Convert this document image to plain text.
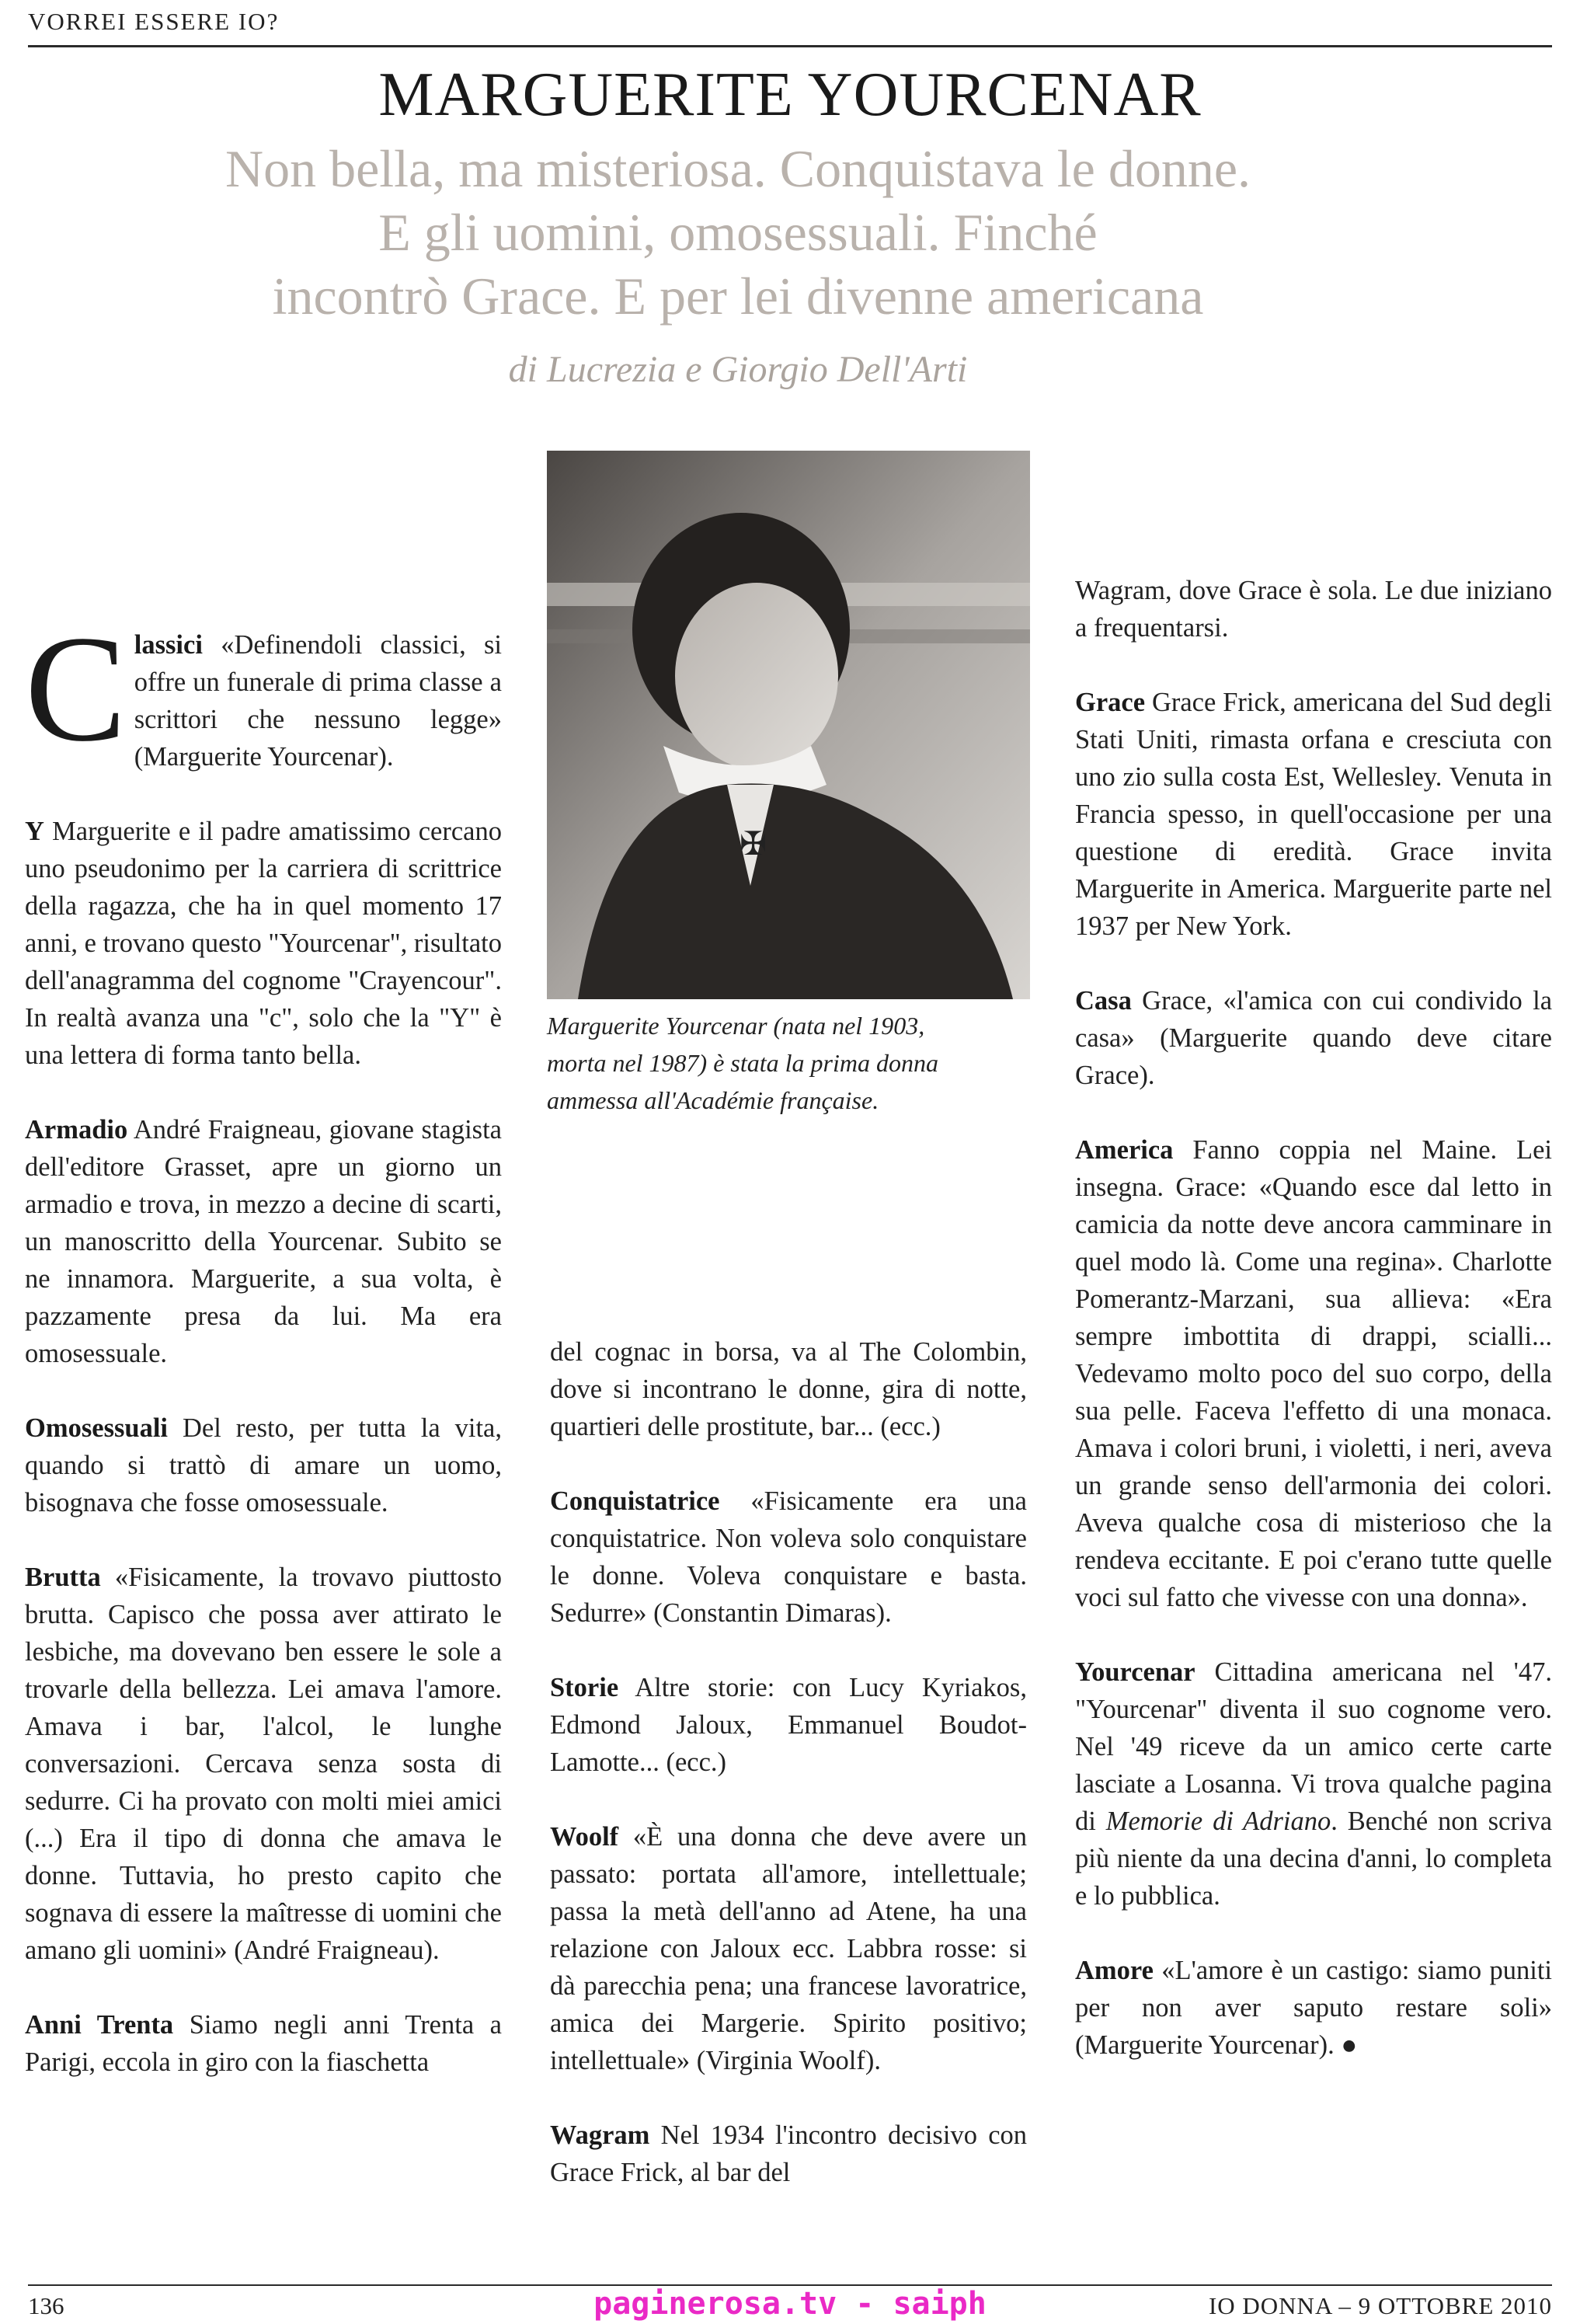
VORREI ESSERE IO?
MARGUERITE YOURCENAR
Non bella, ma misteriosa. Conquistava le donne.
E gli uomini, omosessuali. Finché
incontrò Grace. E per lei divenne americana
di Lucrezia e Giorgio Dell'Arti
✠
Marguerite Yourcenar (nata nel 1903,
morta nel 1987) è stata la prima donna
ammessa all'Académie française.

Classici «Definendoli classici, si offre un funerale di prima classe a scrittori che nessuno legge» (Marguerite Yourcenar).

Y Marguerite e il padre amatissimo cercano uno pseudonimo per la carriera di scrittrice della ragazza, che ha in quel momento 17 anni, e trovano questo "Yourcenar", risultato dell'anagramma del cognome "Crayencour". In realtà avanza una "c", solo che la "Y" è una lettera di forma tanto bella.

Armadio André Fraigneau, giovane stagista dell'editore Grasset, apre un giorno un armadio e trova, in mezzo a decine di scarti, un manoscritto della Yourcenar. Subito se ne innamora. Marguerite, a sua volta, è pazzamente presa da lui. Ma era omosessuale.

Omosessuali Del resto, per tutta la vita, quando si trattò di amare un uomo, bisognava che fosse omosessuale.

Brutta «Fisicamente, la trovavo piuttosto brutta. Capisco che possa aver attirato le lesbiche, ma dovevano ben essere le sole a trovarle della bellezza. Lei amava l'amore. Amava i bar, l'alcol, le lunghe conversazioni. Cercava senza sosta di sedurre. Ci ha provato con molti miei amici (...) Era il tipo di donna che amava le donne. Tuttavia, ho presto capito che sognava di essere la maîtresse di uomini che amano gli uomini» (André Fraigneau).

Anni Trenta Siamo negli anni Trenta a Parigi, eccola in giro con la fiaschetta

del cognac in borsa, va al The Colombin, dove si incontrano le donne, gira di notte, quartieri delle prostitute, bar... (ecc.)

Conquistatrice «Fisicamente era una conquistatrice. Non voleva solo conquistare le donne. Voleva conquistare e basta. Sedurre» (Constantin Dimaras).

Storie Altre storie: con Lucy Kyriakos, Edmond Jaloux, Emmanuel Boudot-Lamotte... (ecc.)

Woolf «È una donna che deve avere un passato: portata all'amore, intellettuale; passa la metà dell'anno ad Atene, ha una relazione con Jaloux ecc. Labbra rosse: si dà parecchia pena; una francese lavoratrice, amica dei Margerie. Spirito positivo; intellettuale» (Virginia Woolf).

Wagram Nel 1934 l'incontro decisivo con Grace Frick, al bar del

Wagram, dove Grace è sola. Le due iniziano a frequentarsi.

Grace Grace Frick, americana del Sud degli Stati Uniti, rimasta orfana e cresciuta con uno zio sulla costa Est, Wellesley. Venuta in Francia spesso, in quell'occasione per una questione di eredità. Grace invita Marguerite in America. Marguerite parte nel 1937 per New York.

Casa Grace, «l'amica con cui condivido la casa» (Marguerite quando deve citare Grace).

America Fanno coppia nel Maine. Lei insegna. Grace: «Quando esce dal letto in camicia da notte deve ancora camminare in quel modo là. Come una regina». Charlotte Pomerantz-Marzani, sua allieva: «Era sempre imbottita di drappi, scialli... Vedevamo molto poco del suo corpo, della sua pelle. Faceva l'effetto di una monaca. Amava i colori bruni, i violetti, i neri, aveva un grande senso dell'armonia dei colori. Aveva qualche cosa di misterioso che la rendeva eccitante. E poi c'erano tutte quelle voci sul fatto che vivesse con una donna».

Yourcenar Cittadina americana nel '47. "Yourcenar" diventa il suo cognome vero. Nel '49 riceve da un amico certe carte lasciate a Losanna. Vi trova qualche pagina di Memorie di Adriano. Benché non scriva più niente da una decina d'anni, lo completa e lo pubblica.

Amore «L'amore è un castigo: siamo puniti per non aver saputo restare soli» (Marguerite Yourcenar). ●

136	paginerosa.tv - saiph	IO DONNA – 9 OTTOBRE 2010
